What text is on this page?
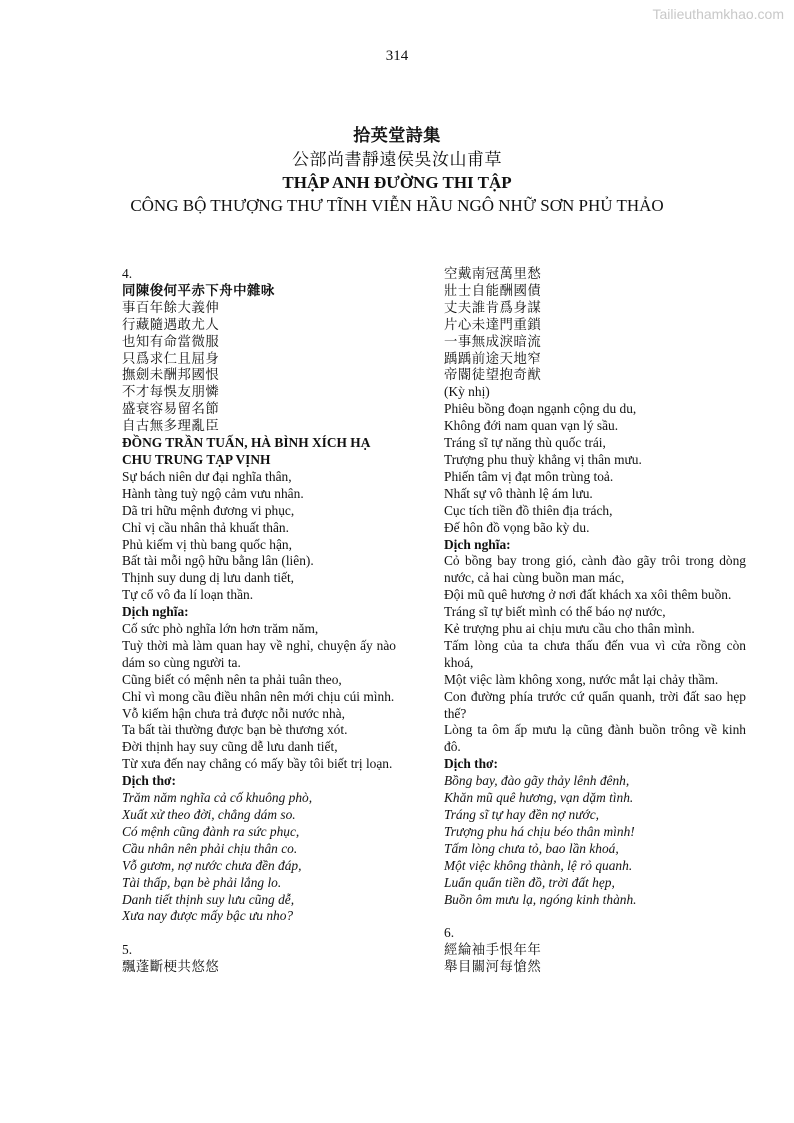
Tailieuthamkhao.com
314
拾英堂詩集
公部尚書靜遠侯吳汝山甫草
THẬP ANH ĐƯỜNG THI TẬP
CÔNG BỘ THƯỢNG THƯ TĨNH VIỄN HẦU NGÔ NHỮ SƠN PHỦ THẢO
4.
同陳俊何平赤下舟中雜咏
事百年餘大義伸
行藏隨遇敢尤人
也知有命當微服
只爲求仁且屈身
撫劍未酬邦國恨
不才每悞友朋憐
盛衰容易留名節
自古無多理亂臣
ĐỒNG TRẦN TUẤN, HÀ BÌNH XÍCH HẠ
CHU TRUNG TẠP VỊNH
Sự bách niên dư đại nghĩa thân,
Hành tàng tuỳ ngộ cảm vưu nhân.
Dã tri hữu mệnh đương vi phục,
Chỉ vị cầu nhân thả khuất thân.
Phủ kiếm vị thù bang quốc hận,
Bất tài mỗi ngộ hữu bằng lân (liên).
Thịnh suy dung dị lưu danh tiết,
Tự cổ vô đa lí loạn thần.
Dịch nghĩa:
Cố sức phò nghĩa lớn hơn trăm năm,
Tuỳ thời mà làm quan hay về nghỉ, chuyện ấy nào dám so cùng người ta.
Cũng biết có mệnh nên ta phải tuân theo,
Chỉ vì mong cầu điều nhân nên mới chịu cúi mình.
Vỗ kiếm hận chưa trả được nỗi nước nhà,
Ta bất tài thường được bạn bè thương xót.
Đời thịnh hay suy cũng dễ lưu danh tiết,
Từ xưa đến nay chẳng có mấy bầy tôi biết trị loạn.
Dịch thơ:
Trăm năm nghĩa cả cố khuông phò,
Xuất xử theo đời, chẳng dám so.
Có mệnh cũng đành ra sức phục,
Cầu nhân nên phải chịu thân co.
Vỗ gươm, nợ nước chưa đền đáp,
Tài thấp, bạn bè phải lắng lo.
Danh tiết thịnh suy lưu cũng dễ,
Xưa nay được mấy bậc ưu nho?
5.
飄蓬斷梗共悠悠
空戴南冠萬里愁
壯士自能酬國債
丈夫誰肯爲身謀
片心未達門重鎖
一事無成淚暗流
踽踽前途天地窄
帝閽徒望抱奇猷
(Kỳ nhị)
Phiêu bồng đoạn ngạnh cộng du du,
Không đới nam quan vạn lý sầu.
Tráng sĩ tự năng thù quốc trái,
Trượng phu thuỳ khẳng vị thân mưu.
Phiến tâm vị đạt môn trùng toả.
Nhất sự vô thành lệ ám lưu.
Cục tích tiền đồ thiên địa trách,
Đế hôn đồ vọng bão kỳ du.
Dịch nghĩa:
Cỏ bồng bay trong gió, cành đào gãy trôi trong dòng nước, cả hai cùng buồn man mác,
Đội mũ quê hương ở nơi đất khách xa xôi thêm buồn.
Tráng sĩ tự biết mình có thể báo nợ nước,
Kẻ trượng phu ai chịu mưu cầu cho thân mình.
Tấm lòng của ta chưa thấu đến vua vì cửa rồng còn khoá,
Một việc làm không xong, nước mắt lại chảy thầm.
Con đường phía trước cứ quẩn quanh, trời đất sao hẹp thế?
Lòng ta ôm ấp mưu lạ cũng đành buồn trông về kinh đô.
Dịch thơ:
Bồng bay, đào gãy thảy lênh đênh,
Khăn mũ quê hương, vạn dặm tình.
Tráng sĩ tự hay đền nợ nước,
Trượng phu há chịu béo thân mình!
Tấm lòng chưa tỏ, bao lần khoá,
Một việc không thành, lệ rỏ quanh.
Luẩn quẩn tiền đồ, trời đất hẹp,
Buồn ôm mưu lạ, ngóng kinh thành.
6.
經綸袖手恨年年
舉目關河每愴然
